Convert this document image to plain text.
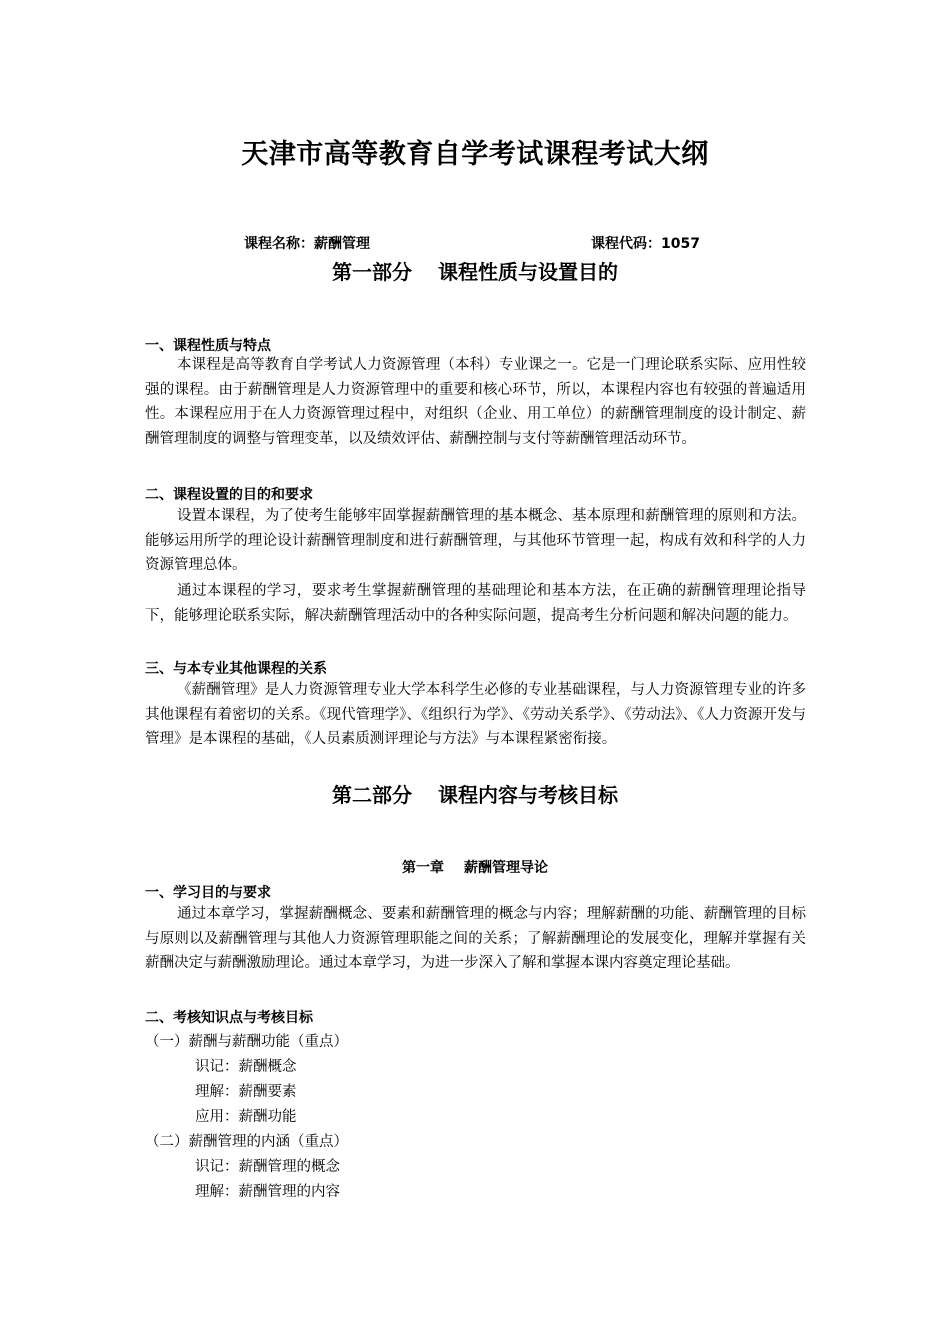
天津市高等教育自学考试课程考试大纲
课程名称：薪酬管理	课程代码：1057
第一部分 课程性质与设置目的
一、课程性质与特点

本课程是高等教育自学考试人力资源管理（本科）专业课之一。它是一门理论联系实际、应用性较强的课程。由于薪酬管理是人力资源管理中的重要和核心环节，所以，本课程内容也有较强的普遍适用性。本课程应用于在人力资源管理过程中，对组织（企业、用工单位）的薪酬管理制度的设计制定、薪酬管理制度的调整与管理变革，以及绩效评估、薪酬控制与支付等薪酬管理活动环节。

二、课程设置的目的和要求

设置本课程，为了使考生能够牢固掌握薪酬管理的基本概念、基本原理和薪酬管理的原则和方法。能够运用所学的理论设计薪酬管理制度和进行薪酬管理，与其他环节管理一起，构成有效和科学的人力资源管理总体。

通过本课程的学习，要求考生掌握薪酬管理的基础理论和基本方法，在正确的薪酬管理理论指导下，能够理论联系实际，解决薪酬管理活动中的各种实际问题，提高考生分析问题和解决问题的能力。

三、与本专业其他课程的关系

《薪酬管理》是人力资源管理专业大学本科学生必修的专业基础课程，与人力资源管理专业的许多其他课程有着密切的关系。《现代管理学》、《组织行为学》、《劳动关系学》、《劳动法》、《人力资源开发与管理》是本课程的基础，《人员素质测评理论与方法》与本课程紧密衔接。

第二部分 课程内容与考核目标
第一章 薪酬管理导论
一、学习目的与要求

通过本章学习，掌握薪酬概念、要素和薪酬管理的概念与内容；理解薪酬的功能、薪酬管理的目标与原则以及薪酬管理与其他人力资源管理职能之间的关系；了解薪酬理论的发展变化，理解并掌握有关薪酬决定与薪酬激励理论。通过本章学习，为进一步深入了解和掌握本课内容奠定理论基础。

二、考核知识点与考核目标
（一）薪酬与薪酬功能（重点）
识记：薪酬概念
理解：薪酬要素
应用：薪酬功能
（二）薪酬管理的内涵（重点）
识记：薪酬管理的概念
理解：薪酬管理的内容
